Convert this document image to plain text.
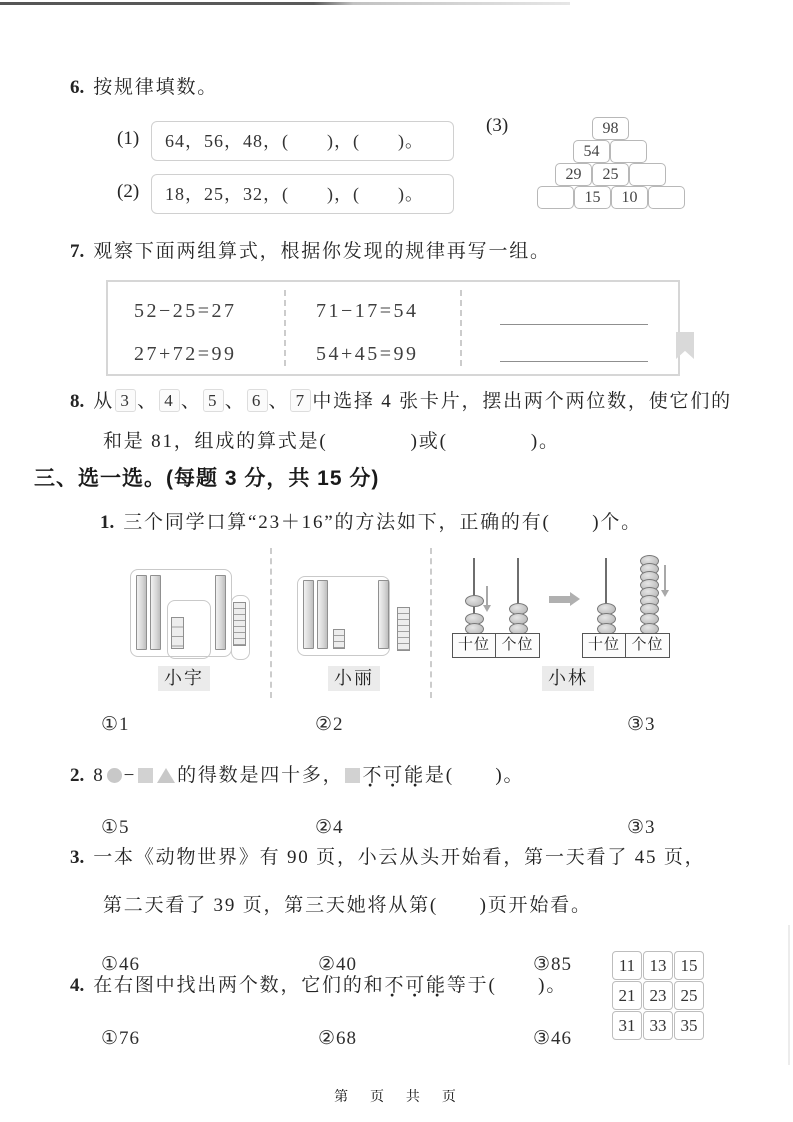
6. 按规律填数。
(1)	64，56，48，(　　)，(　　)。
(2)	18，25，32，(　　)，(　　)。
(3)	98
54
29	25
15	10
7. 观察下面两组算式，根据你发现的规律再写一组。
52−25=27	71−17=54
27+72=99	54+45=99
8. 从 3 、 4 、 5 、 6 、 7 中选择 4 张卡片，摆出两个两位数，使它们的
和是 81，组成的算式是(　　　　)或(　　　　)。
三、选一选。(每题 3 分，共 15 分)
1. 三个同学口算“23＋16”的方法如下，正确的有(　　)个。
小宇	小丽
十位 个位	十位 个位
小林
①1	②2	③3
2. 8 − 的得数是四十多， 不可能 · · ·是(　　)。
①5	②4	③3
3. 一本《动物世界》有 90 页，小云从头开始看，第一天看了 45 页，
第二天看了 39 页，第三天她将从第(　　)页开始看。
①46	②40	③85
4. 在右图中找出两个数，它们的和不可能 · · ·等于(　　)。
①76	②68	③46
11 13 15
21 23 25
31 33 35
第 页 共 页
